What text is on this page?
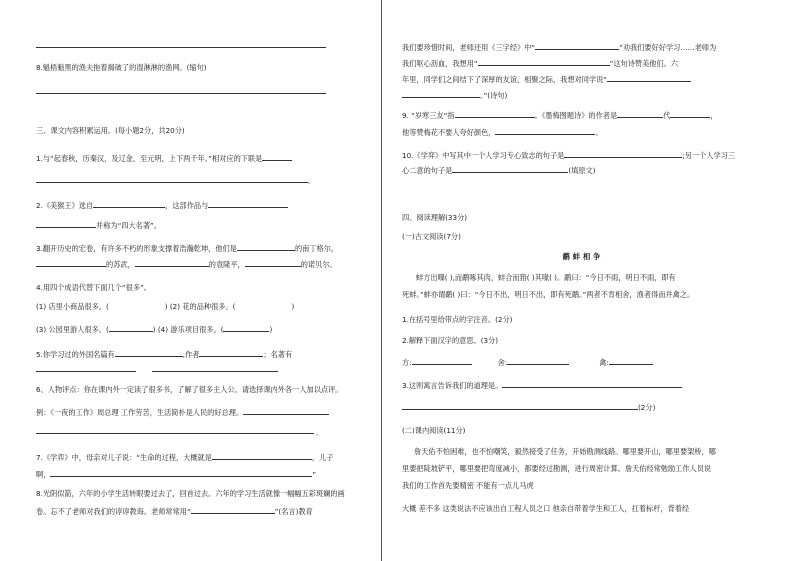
8.魁梧魁黑的渔夫拖着揭破了的湿淋淋的渔网。(缩句)
三、课文内容积累运用。(每小题2分，共20分)
1.与“起春秋，历秦汉，及辽金，至元明，上下两千年。”相对应的下联是
。
2.《美猴王》选自	，这部作品与
并称为“四大名著”。
3.翻开历史的宏卷，有许多不朽的形象支撑着浩瀚乾坤，他们是	的南丁格尔，
的苏武，	的袁隆平，	的诺贝尔。
4.用四个成语代替下面几个“很多”。
(1) 店里小商品很多。(	) (2) 花的品种很多。(	)
(3) 公园里游人很多。(	) (4) 游乐项目很多。(	)
5.你学习过的外国名篇有	,作者	；名著有
6、人物评点：你在课内外一定读了很多书，了解了很多主人公。请选择课内外各一人加以点评。
例：《一夜的工作》周总理 工作劳苦，生活简朴是人民的好总理。
。
7.《学弈》中，母亲对儿子说：“生命的过程，大概就是	，儿子
啊，	”
8.光阴似箭，六年的小学生活转眼要过去了，回首过去。六年的学习生活就像一幅幅五彩斑斓的画
卷。忘不了老师对我们的谆谆教诲。老师常常用“	”(名言)教育
我们要珍惜时间，老师还用《三字经》中“	”劝我们要好好学习……老师为
我们呕心沥血，我想用“	”这句诗赞美他们。六
年里，同学们之间结下了深厚的友谊，相聚之际，我想对同学说“
。”(诗句)
9. “岁寒三友”指	。《墨梅图题诗》的作者是	代	，
他等赞梅花不要人夸好颜色，	。
10.《学弈》中写其中一个人学习专心致志的句子是	;另一个人学习三
心二意的句子是	(填原文)
四、阅读理解(33分)
(一)古文阅读(7分)
鹬蚌相争
蚌方出曝( ),而鹬啄其肉，蚌合而箝( )其喙( )。鹬曰：“今日不雨，明日不雨，即有
死蚌。”蚌亦谓鹬( )曰：“今日不出，明日不出，即有死鹬。”两者不肯相舍，渔者得而并禽之。
1.在括号里给带点的字注音。(2分)
2.解释下面汉字的意思。(3分)
方:	舍:	禽:
3.这则寓言告诉我们的道理是。
(2分)
(二)课内阅读(11分)
詹天佑不怕困难，也不怕嘲笑，毅然接受了任务，开始勘测线路。哪里要开山，哪里要架桥，哪
里要把陡坡铲平，哪里要把弯度减小，都要经过勘测，进行周密计算。詹天佑经常勉励工作人员说
我们的工作首先要精密 不能有一点儿马虎
大概 差不多 这类说法不应该出自工程人员之口 他亲自带着学生和工人，扛着标杆，背着经
